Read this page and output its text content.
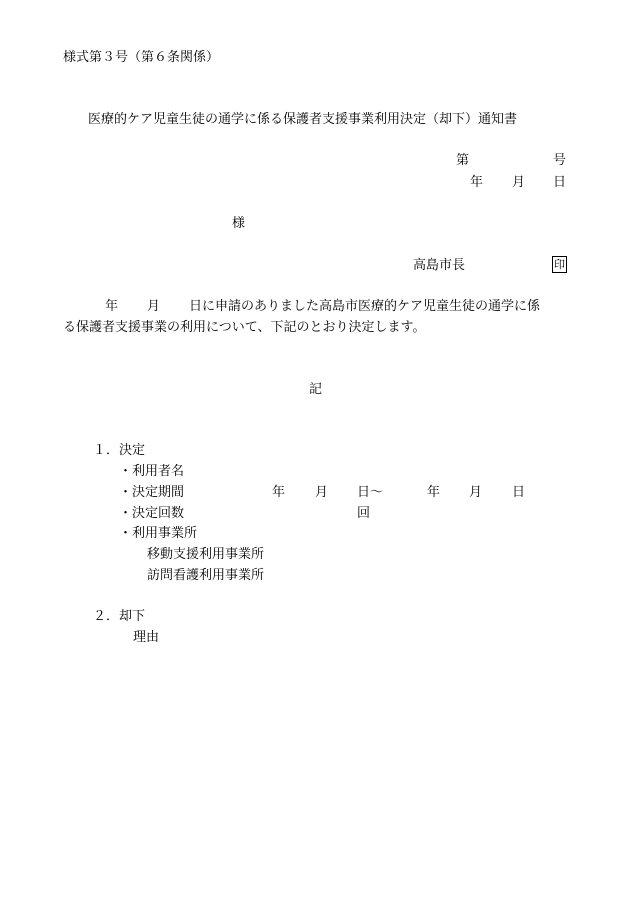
様式第３号（第６条関係）
医療的ケア児童生徒の通学に係る保護者支援事業利用決定（却下）通知書
第	号
年 月 日
様
高島市長	印
年 月 日に申請のありました高島市医療的ケア児童生徒の通学に係
る保護者支援事業の利用について、下記のとおり決定します。
記
１．決定
・利用者名
・決定期間	年 月 日～	年 月 日
・決定回数	回
・利用事業所
移動支援利用事業所
訪問看護利用事業所
２．却下
理由
